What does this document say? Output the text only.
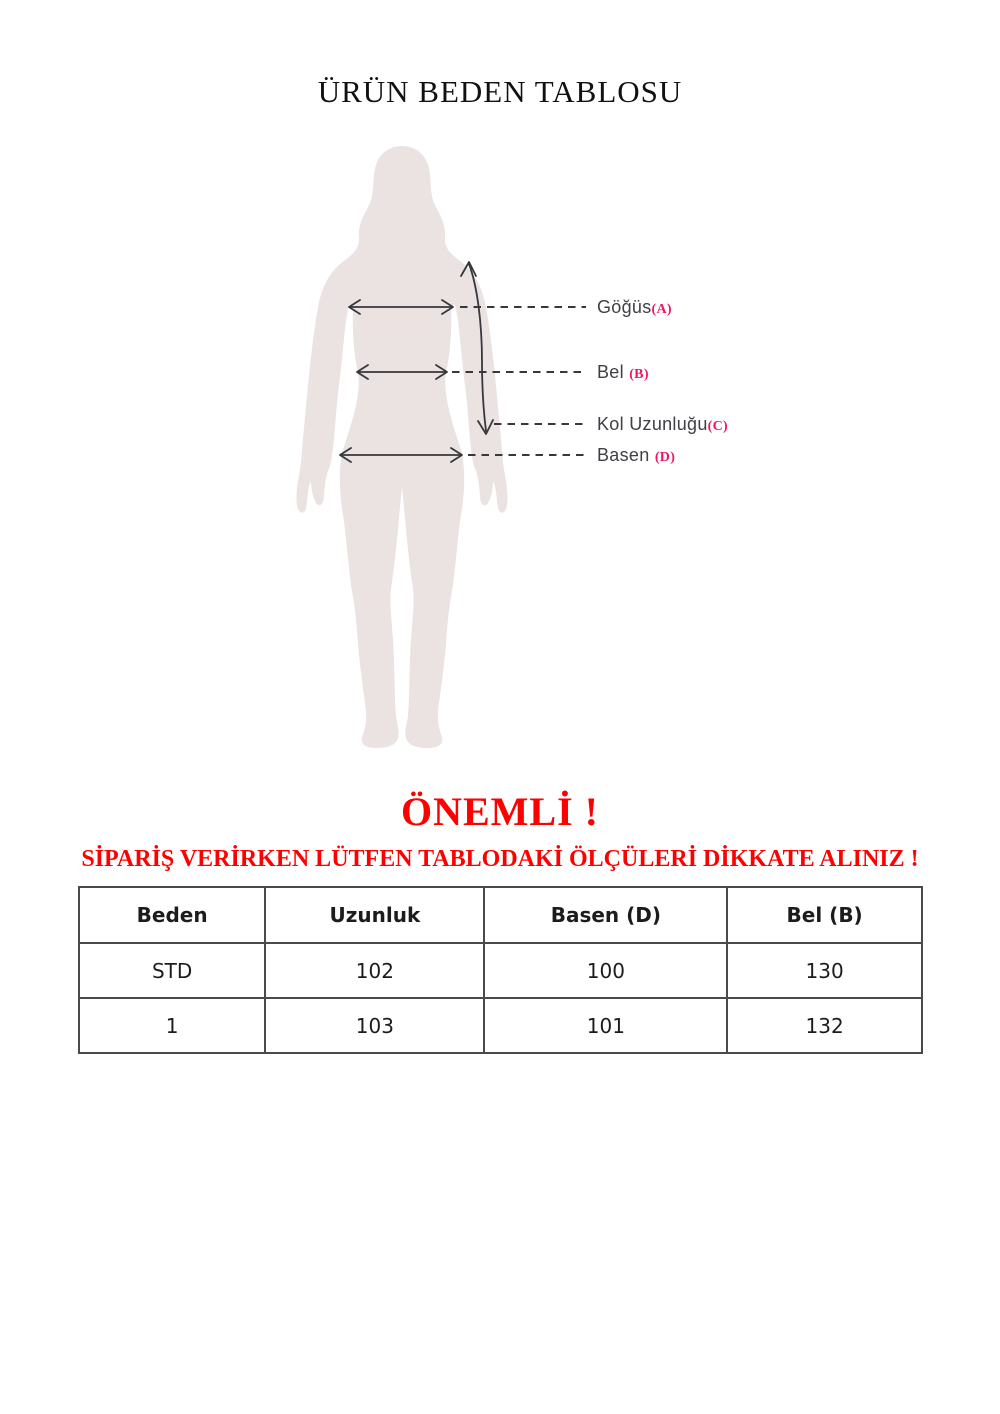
ÜRÜN BEDEN TABLOSU
Göğüs(A)
Bel (B)
Kol Uzunluğu(C)
Basen (D)
ÖNEMLİ !
SİPARİŞ VERİRKEN LÜTFEN TABLODAKİ ÖLÇÜLERİ DİKKATE ALINIZ !
Beden	Uzunluk	Basen (D)	Bel (B)
STD	102	100	130
1	103	101	132
